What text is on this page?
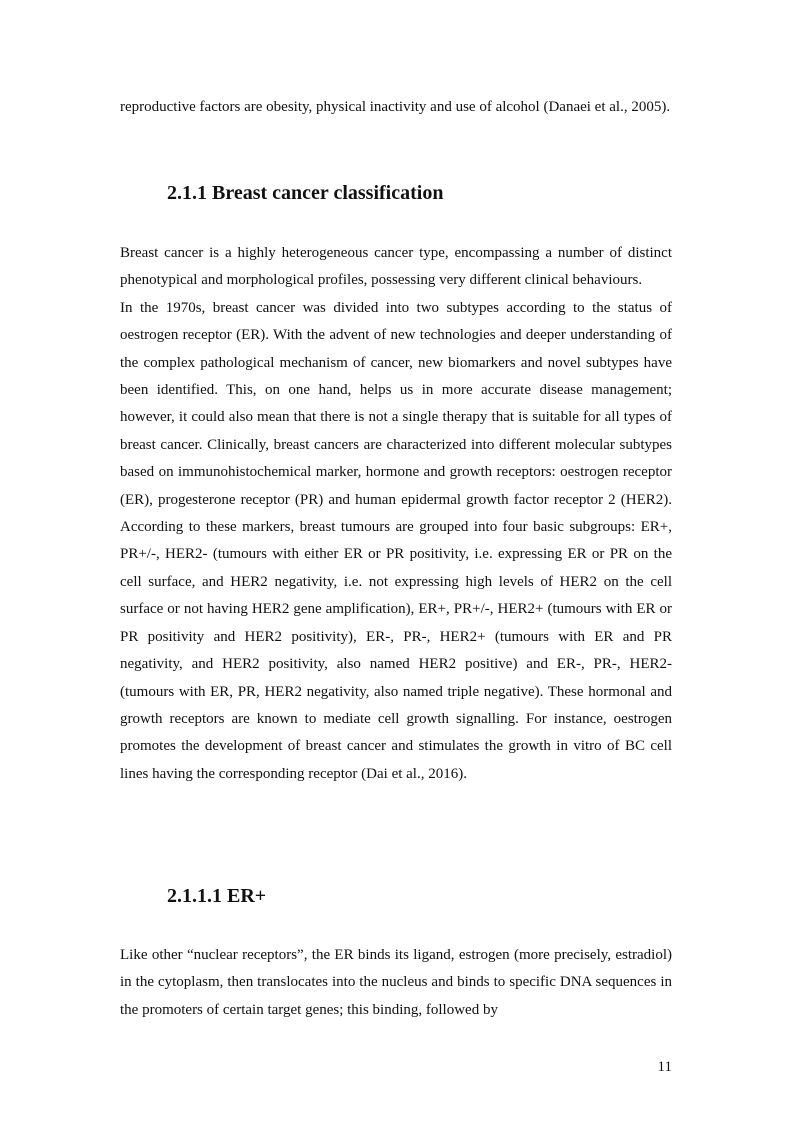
reproductive factors are obesity, physical inactivity and use of alcohol (Danaei et al., 2005).

2.1.1 Breast cancer classification

Breast cancer is a highly heterogeneous cancer type, encompassing a number of distinct phenotypical and morphological profiles, possessing very different clinical behaviours.

In the 1970s, breast cancer was divided into two subtypes according to the status of oestrogen receptor (ER). With the advent of new technologies and deeper understanding of the complex pathological mechanism of cancer, new biomarkers and novel subtypes have been identified. This, on one hand, helps us in more accurate disease management; however, it could also mean that there is not a single therapy that is suitable for all types of breast cancer. Clinically, breast cancers are characterized into different molecular subtypes based on immunohistochemical marker, hormone and growth receptors: oestrogen receptor (ER), progesterone receptor (PR) and human epidermal growth factor receptor 2 (HER2). According to these markers, breast tumours are grouped into four basic subgroups: ER+, PR+/-, HER2- (tumours with either ER or PR positivity, i.e. expressing ER or PR on the cell surface, and HER2 negativity, i.e. not expressing high levels of HER2 on the cell surface or not having HER2 gene amplification), ER+, PR+/-, HER2+ (tumours with ER or PR positivity and HER2 positivity), ER-, PR-, HER2+ (tumours with ER and PR negativity, and HER2 positivity, also named HER2 positive) and ER-, PR-, HER2- (tumours with ER, PR, HER2 negativity, also named triple negative). These hormonal and growth receptors are known to mediate cell growth signalling. For instance, oestrogen promotes the development of breast cancer and stimulates the growth in vitro of BC cell lines having the corresponding receptor (Dai et al., 2016).

2.1.1.1 ER+

Like other “nuclear receptors”, the ER binds its ligand, estrogen (more precisely, estradiol) in the cytoplasm, then translocates into the nucleus and binds to specific DNA sequences in the promoters of certain target genes; this binding, followed by

11
